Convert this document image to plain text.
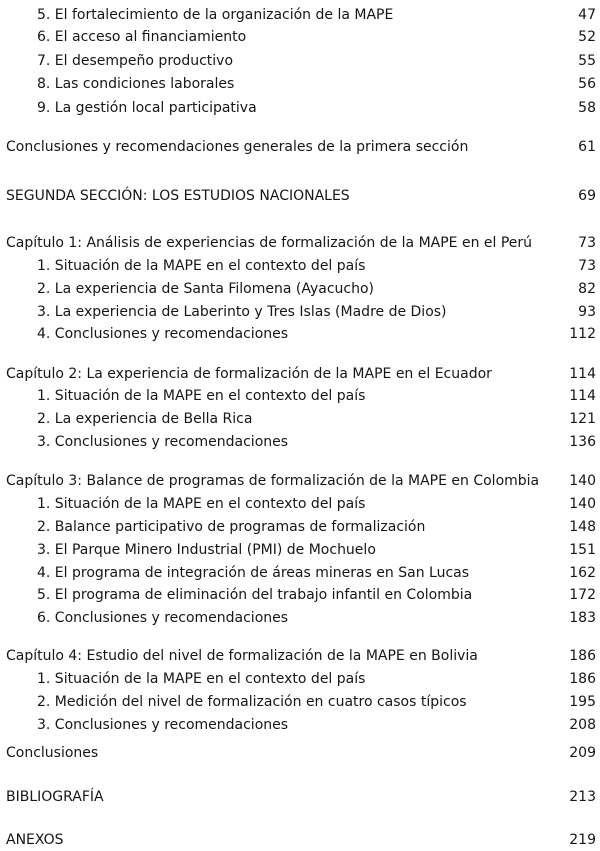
5. El fortalecimiento de la organización de la MAPE	47
6. El acceso al financiamiento	52
7. El desempeño productivo	55
8. Las condiciones laborales	56
9. La gestión local participativa	58
Conclusiones y recomendaciones generales de la primera sección	61
SEGUNDA SECCIÓN: LOS ESTUDIOS NACIONALES	69
Capítulo 1: Análisis de experiencias de formalización de la MAPE en el Perú	73
1. Situación de la MAPE en el contexto del país	73
2. La experiencia de Santa Filomena (Ayacucho)	82
3. La experiencia de Laberinto y Tres Islas (Madre de Dios)	93
4. Conclusiones y recomendaciones	112
Capítulo 2: La experiencia de formalización de la MAPE en el Ecuador	114
1. Situación de la MAPE en el contexto del país	114
2. La experiencia de Bella Rica	121
3. Conclusiones y recomendaciones	136
Capítulo 3: Balance de programas de formalización de la MAPE en Colombia 140
1. Situación de la MAPE en el contexto del país	140
2. Balance participativo de programas de formalización	148
3. El Parque Minero Industrial (PMI) de Mochuelo	151
4. El programa de integración de áreas mineras en San Lucas	162
5. El programa de eliminación del trabajo infantil en Colombia	172
6. Conclusiones y recomendaciones	183
Capítulo 4: Estudio del nivel de formalización de la MAPE en Bolivia	186
1. Situación de la MAPE en el contexto del país	186
2. Medición del nivel de formalización en cuatro casos típicos	195
3. Conclusiones y recomendaciones	208
Conclusiones	209
BIBLIOGRAFÍA	213
ANEXOS	219
